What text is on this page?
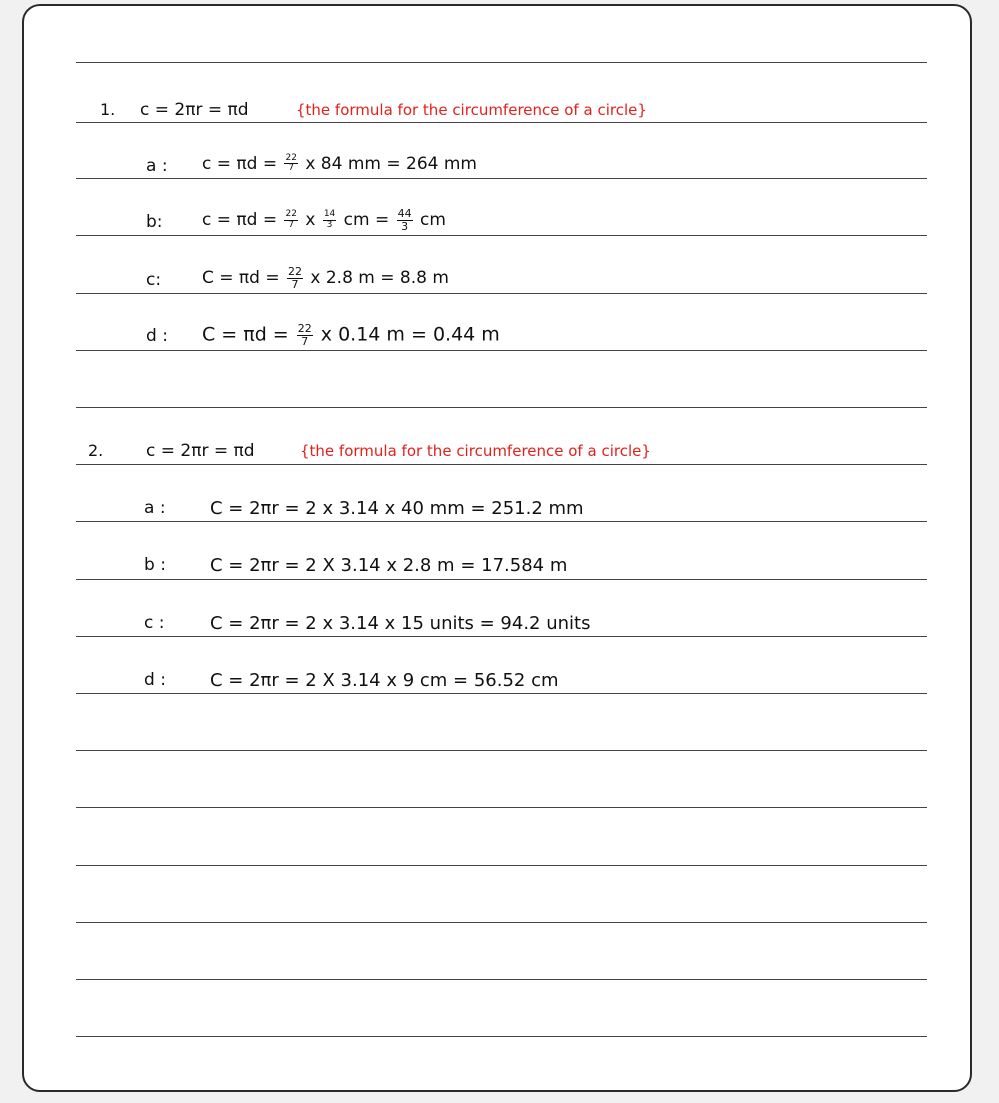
1. c = 2πr = πd	{the formula for the circumference of a circle}
a : $c = \pi d = \frac{22}{7}$ x 84 mm = 264 mm
b: $c = \pi d = \frac{22}{7}$ x $\frac{14}{3}$ cm = $\frac{44}{3}$ cm
c: $C = \pi d = \frac{22}{7}$ x 2.8 m = 8.8 m
d : $C = \pi d = \frac{22}{7}$ x 0.14 m = 0.44 m
2.	c = 2πr = πd	{the formula for the circumference of a circle}
a : C = 2πr = 2 x 3.14 x 40 mm = 251.2 mm
b : C = 2πr = 2 X 3.14 x 2.8 m = 17.584 m
c :	C = 2πr = 2 x 3.14 x 15 units = 94.2 units
d : C = 2πr = 2 X 3.14 x 9 cm = 56.52 cm
